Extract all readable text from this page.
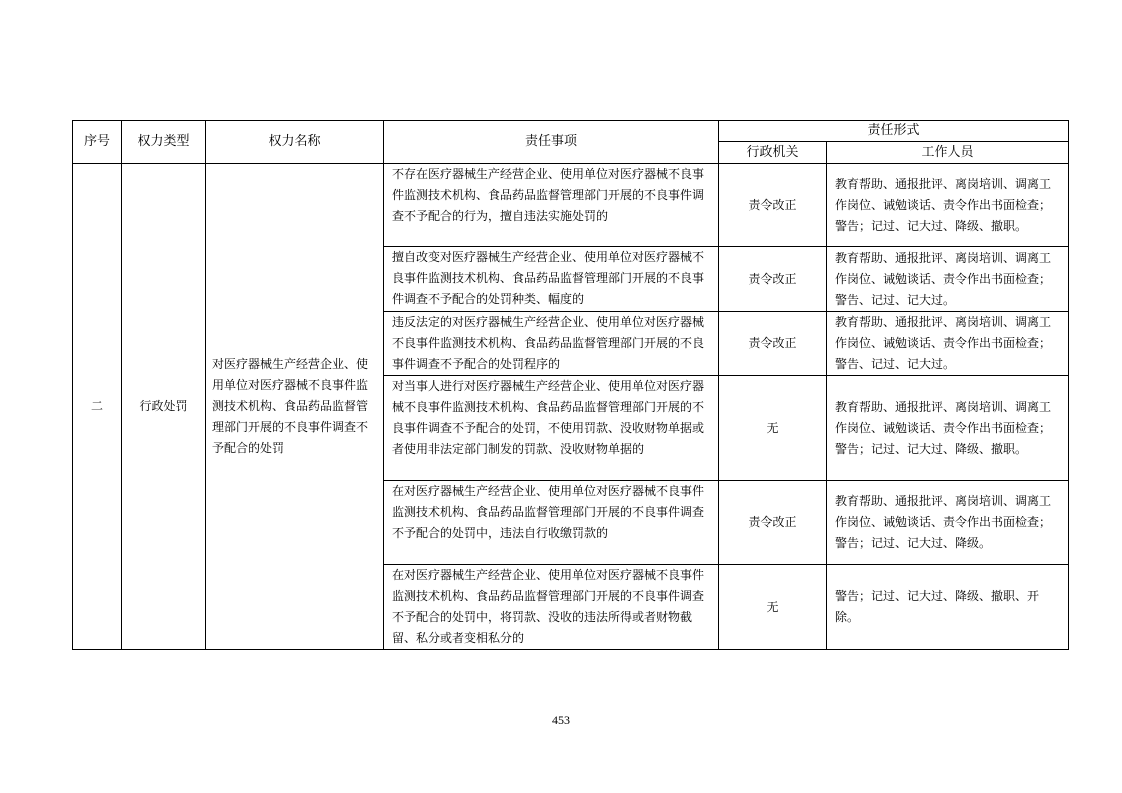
序号	权力类型	权力名称	责任事项	责任形式	
				行政机关	工作人员
二	行政处罚	对医疗器械生产经营企业、使用单位对医疗器械不良事件监测技术机构、食品药品监督管理部门开展的不良事件调查不予配合的处罚	不存在医疗器械生产经营企业、使用单位对医疗器械不良事件监测技术机构、食品药品监督管理部门开展的不良事件调查不予配合的行为，擅自违法实施处罚的	责令改正	教育帮助、通报批评、离岗培训、调离工作岗位、诫勉谈话、责令作出书面检查；警告；记过、记大过、降级、撤职。
			擅自改变对医疗器械生产经营企业、使用单位对医疗器械不良事件监测技术机构、食品药品监督管理部门开展的不良事件调查不予配合的处罚种类、幅度的	责令改正	教育帮助、通报批评、离岗培训、调离工作岗位、诫勉谈话、责令作出书面检查；警告、记过、记大过。
			违反法定的对医疗器械生产经营企业、使用单位对医疗器械不良事件监测技术机构、食品药品监督管理部门开展的不良事件调查不予配合的处罚程序的	责令改正	教育帮助、通报批评、离岗培训、调离工作岗位、诫勉谈话、责令作出书面检查；警告、记过、记大过。
			对当事人进行对医疗器械生产经营企业、使用单位对医疗器械不良事件监测技术机构、食品药品监督管理部门开展的不良事件调查不予配合的处罚，不使用罚款、没收财物单据或者使用非法定部门制发的罚款、没收财物单据的	无	教育帮助、通报批评、离岗培训、调离工作岗位、诫勉谈话、责令作出书面检查；警告；记过、记大过、降级、撤职。
			在对医疗器械生产经营企业、使用单位对医疗器械不良事件监测技术机构、食品药品监督管理部门开展的不良事件调查不予配合的处罚中，违法自行收缴罚款的	责令改正	教育帮助、通报批评、离岗培训、调离工作岗位、诫勉谈话、责令作出书面检查；警告；记过、记大过、降级。
			在对医疗器械生产经营企业、使用单位对医疗器械不良事件监测技术机构、食品药品监督管理部门开展的不良事件调查不予配合的处罚中，将罚款、没收的违法所得或者财物截留、私分或者变相私分的	无	警告；记过、记大过、降级、撤职、开除。
453
